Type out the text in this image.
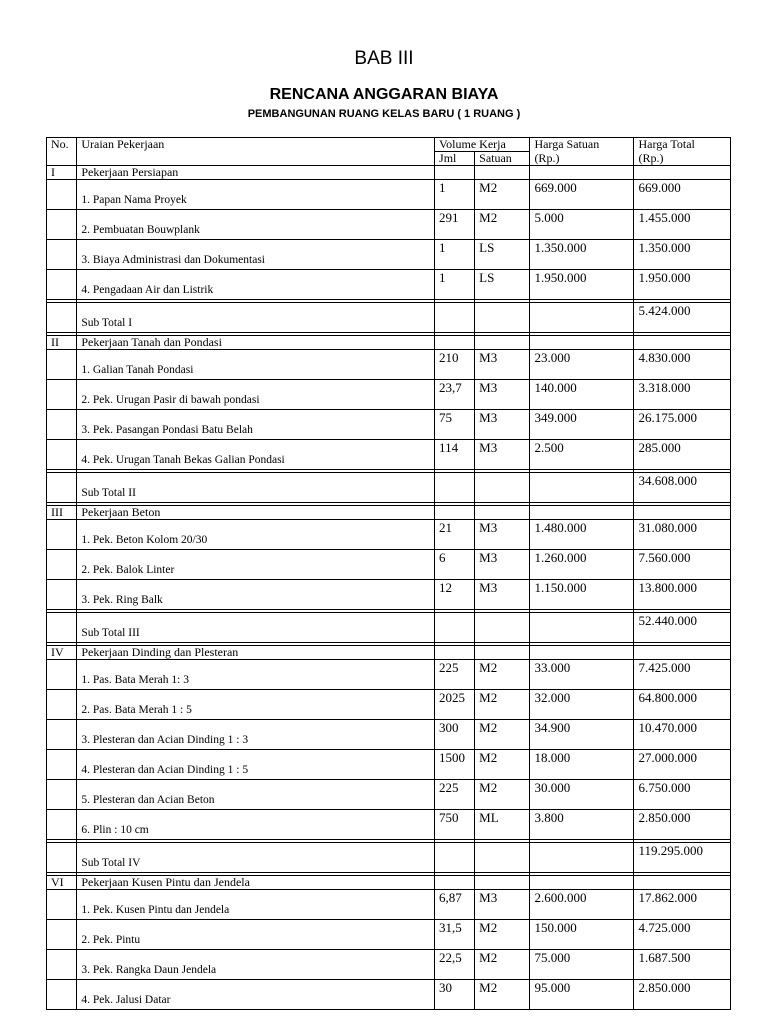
BAB III
RENCANA ANGGARAN BIAYA
PEMBANGUNAN RUANG KELAS BARU ( 1 RUANG )
No.	Uraian Pekerjaan	Volume Kerja		Harga Satuan	Harga Total
		Jml	Satuan	(Rp.)	(Rp.)
I	Pekerjaan Persiapan				
	1. Papan Nama Proyek	1	M2	669.000	669.000
	2. Pembuatan Bouwplank	291	M2	5.000	1.455.000
	3. Biaya Administrasi dan Dokumentasi	1	LS	1.350.000	1.350.000
	4. Pengadaan Air dan Listrik	1	LS	1.950.000	1.950.000

	Sub Total I				5.424.000

II	Pekerjaan Tanah dan Pondasi				
	1. Galian Tanah Pondasi	210	M3	23.000	4.830.000
	2. Pek. Urugan Pasir di bawah pondasi	23,7	M3	140.000	3.318.000
	3. Pek. Pasangan Pondasi Batu Belah	75	M3	349.000	26.175.000
	4. Pek. Urugan Tanah Bekas Galian Pondasi	114	M3	2.500	285.000

	Sub Total II				34.608.000

III	Pekerjaan Beton				
	1. Pek. Beton Kolom 20/30	21	M3	1.480.000	31.080.000
	2. Pek. Balok Linter	6	M3	1.260.000	7.560.000
	3. Pek. Ring Balk	12	M3	1.150.000	13.800.000

	Sub Total III				52.440.000

IV	Pekerjaan Dinding dan Plesteran				
	1. Pas. Bata Merah 1: 3	225	M2	33.000	7.425.000
	2. Pas. Bata Merah 1 : 5	2025	M2	32.000	64.800.000
	3. Plesteran dan Acian Dinding 1 : 3	300	M2	34.900	10.470.000
	4. Plesteran dan Acian Dinding 1 : 5	1500	M2	18.000	27.000.000
	5. Plesteran dan Acian Beton	225	M2	30.000	6.750.000
	6. Plin : 10 cm	750	ML	3.800	2.850.000

	Sub Total IV				119.295.000

VI	Pekerjaan Kusen Pintu dan Jendela				
	1. Pek. Kusen Pintu dan Jendela	6,87	M3	2.600.000	17.862.000
	2. Pek. Pintu	31,5	M2	150.000	4.725.000
	3. Pek. Rangka Daun Jendela	22,5	M2	75.000	1.687.500
	4. Pek. Jalusi Datar	30	M2	95.000	2.850.000
